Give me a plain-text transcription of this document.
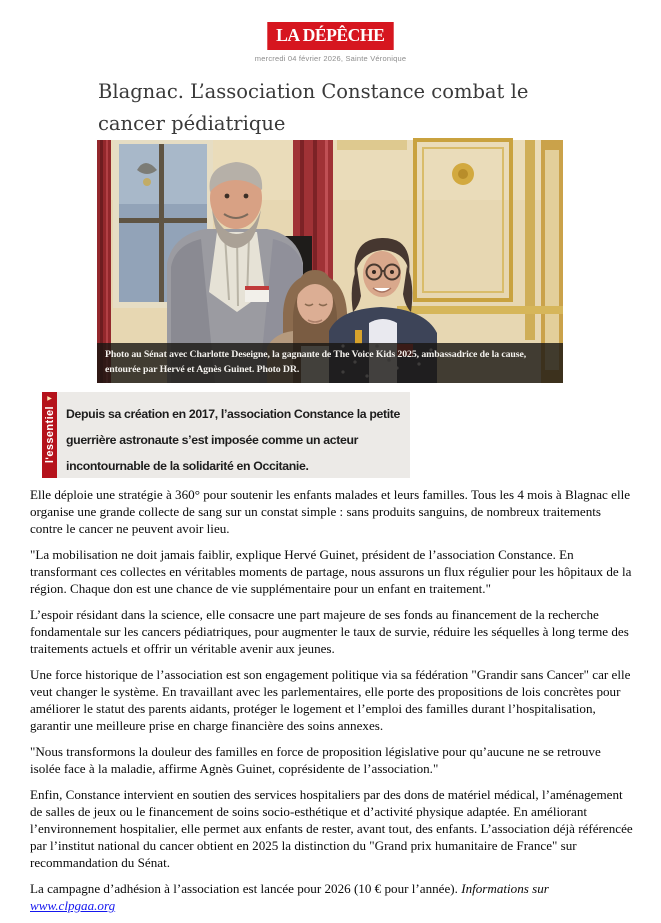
LA DÉPÊCHE
mercredi 04 février 2026, Sainte Véronique
Blagnac. L’association Constance combat le cancer pédiatrique
Photo au Sénat avec Charlotte Deseigne, la gagnante de The Voice Kids 2025, ambassadrice de la cause, entourée par Hervé et Agnès Guinet. Photo DR.
▶
l'essentiel Depuis sa création en 2017, l’association Constance la petite
guerrière astronaute s’est imposée comme un acteur
incontournable de la solidarité en Occitanie.

Elle déploie une stratégie à 360° pour soutenir les enfants malades et leurs familles. Tous les 4 mois à Blagnac elle organise une grande collecte de sang sur un constat simple : sans produits sanguins, de nombreux traitements contre le cancer ne peuvent avoir lieu.

"La mobilisation ne doit jamais faiblir, explique Hervé Guinet, président de l’association Constance. En transformant ces collectes en véritables moments de partage, nous assurons un flux régulier pour les hôpitaux de la région. Chaque don est une chance de vie supplémentaire pour un enfant en traitement."

L’espoir résidant dans la science, elle consacre une part majeure de ses fonds au financement de la recherche fondamentale sur les cancers pédiatriques, pour augmenter le taux de survie, réduire les séquelles à long terme des traitements actuels et offrir un véritable avenir aux jeunes.

Une force historique de l’association est son engagement politique via sa fédération "Grandir sans Cancer" car elle veut changer le système. En travaillant avec les parlementaires, elle porte des propositions de lois concrètes pour améliorer le statut des parents aidants, protéger le logement et l’emploi des familles durant l’hospitalisation, garantir une meilleure prise en charge financière des soins annexes.

"Nous transformons la douleur des familles en force de proposition législative pour qu’aucune ne se retrouve isolée face à la maladie, affirme Agnès Guinet, coprésidente de l’association."

Enfin, Constance intervient en soutien des services hospitaliers par des dons de matériel médical, l’aménagement de salles de jeux ou le financement de soins socio-esthétique et d’activité physique adaptée. En améliorant l’environnement hospitalier, elle permet aux enfants de rester, avant tout, des enfants. L’association déjà référencée par l’institut national du cancer obtient en 2025 la distinction du "Grand prix humanitaire de France" sur recommandation du Sénat.

La campagne d’adhésion à l’association est lancée pour 2026 (10 € pour l’année). Informations sur www.clpgaa.org
